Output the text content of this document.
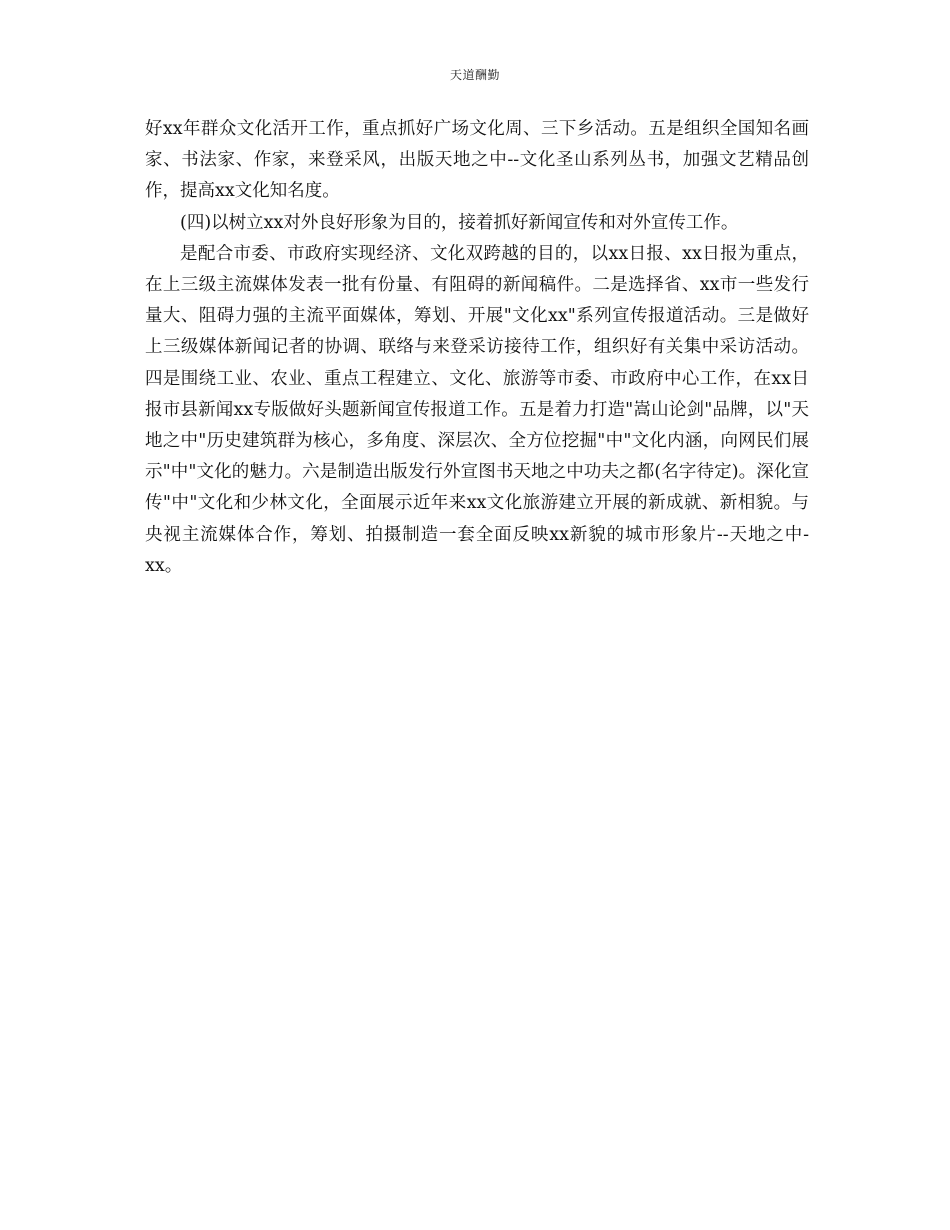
天道酬勤

好xx年群众文化活开工作，重点抓好广场文化周、三下乡活动。五是组织全国知名画家、书法家、作家，来登采风，出版天地之中--文化圣山系列丛书，加强文艺精品创作，提高xx文化知名度。

(四)以树立xx对外良好形象为目的，接着抓好新闻宣传和对外宣传工作。

是配合市委、市政府实现经济、文化双跨越的目的，以xx日报、xx日报为重点，在上三级主流媒体发表一批有份量、有阻碍的新闻稿件。二是选择省、xx市一些发行量大、阻碍力强的主流平面媒体，筹划、开展"文化xx"系列宣传报道活动。三是做好上三级媒体新闻记者的协调、联络与来登采访接待工作，组织好有关集中采访活动。四是围绕工业、农业、重点工程建立、文化、旅游等市委、市政府中心工作，在xx日报市县新闻xx专版做好头题新闻宣传报道工作。五是着力打造"嵩山论剑"品牌，以"天地之中"历史建筑群为核心，多角度、深层次、全方位挖掘"中"文化内涵，向网民们展示"中"文化的魅力。六是制造出版发行外宣图书天地之中功夫之都(名字待定)。深化宣传"中"文化和少林文化，全面展示近年来xx文化旅游建立开展的新成就、新相貌。与央视主流媒体合作，筹划、拍摄制造一套全面反映xx新貌的城市形象片--天地之中-xx。
